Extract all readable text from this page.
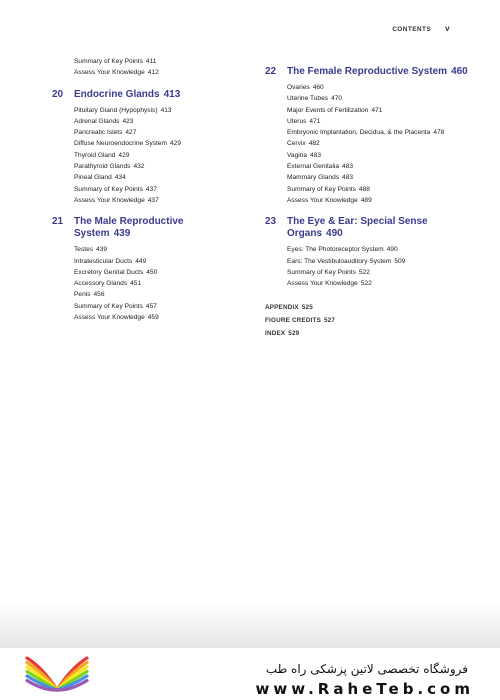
CONTENTS v
Summary of Key Points 411
Assess Your Knowledge 412
20	Endocrine Glands 413
Pituitary Gland (Hypophysis) 413
Adrenal Glands 423
Pancreatic Islets 427
Diffuse Neuroendocrine System 429
Thyroid Gland 429
Parathyroid Glands 432
Pineal Gland 434
Summary of Key Points 437
Assess Your Knowledge 437
21	The Male Reproductive
System 439
Testes 439
Intratesticular Ducts 449
Excretory Genital Ducts 450
Accessory Glands 451
Penis 456
Summary of Key Points 457
Assess Your Knowledge 459
22	The Female Reproductive System 460
Ovaries 460
Uterine Tubes 470
Major Events of Fertilization 471
Uterus 471
Embryonic Implantation, Decidua, & the Placenta 478
Cervix 482
Vagina 483
External Genitalia 483
Mammary Glands 483
Summary of Key Points 488
Assess Your Knowledge 489
23	The Eye & Ear: Special Sense
Organs 490
Eyes: The Photoreceptor System 490
Ears: The Vestibuloauditory System 509
Summary of Key Points 522
Assess Your Knowledge 522
APPENDIX 525
FIGURE CREDITS 527
INDEX 529
فروشگاه تخصصی لاتین پزشکی راه طب
www.RaheTeb.com
